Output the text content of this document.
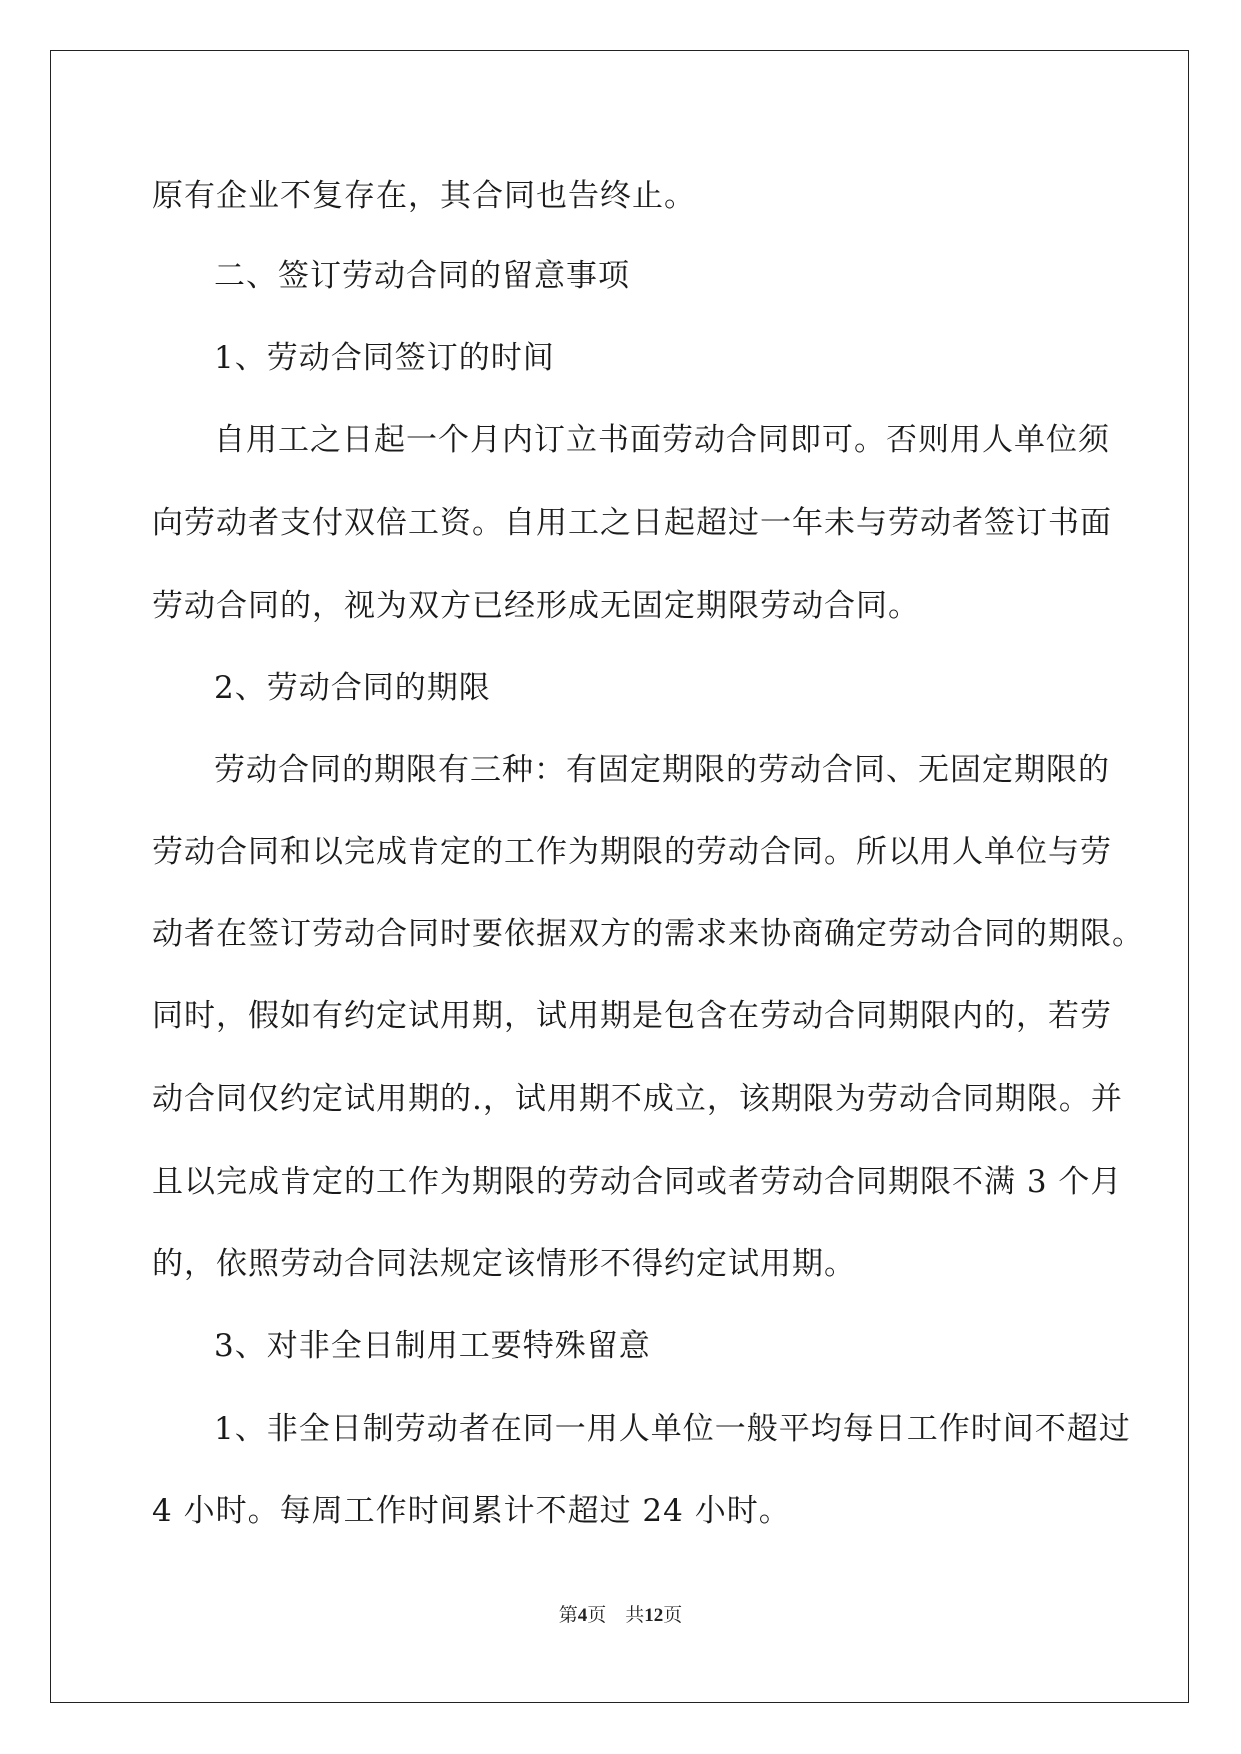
原有企业不复存在，其合同也告终止。
二、签订劳动合同的留意事项
1、劳动合同签订的时间
自用工之日起一个月内订立书面劳动合同即可。否则用人单位须
向劳动者支付双倍工资。自用工之日起超过一年未与劳动者签订书面
劳动合同的，视为双方已经形成无固定期限劳动合同。
2、劳动合同的期限
劳动合同的期限有三种：有固定期限的劳动合同、无固定期限的
劳动合同和以完成肯定的工作为期限的劳动合同。所以用人单位与劳
动者在签订劳动合同时要依据双方的需求来协商确定劳动合同的期限。
同时，假如有约定试用期，试用期是包含在劳动合同期限内的，若劳
动合同仅约定试用期的.，试用期不成立，该期限为劳动合同期限。并
且以完成肯定的工作为期限的劳动合同或者劳动合同期限不满 3 个月
的，依照劳动合同法规定该情形不得约定试用期。
3、对非全日制用工要特殊留意
1、非全日制劳动者在同一用人单位一般平均每日工作时间不超过
4 小时。每周工作时间累计不超过 24 小时。
第4页 共12页
